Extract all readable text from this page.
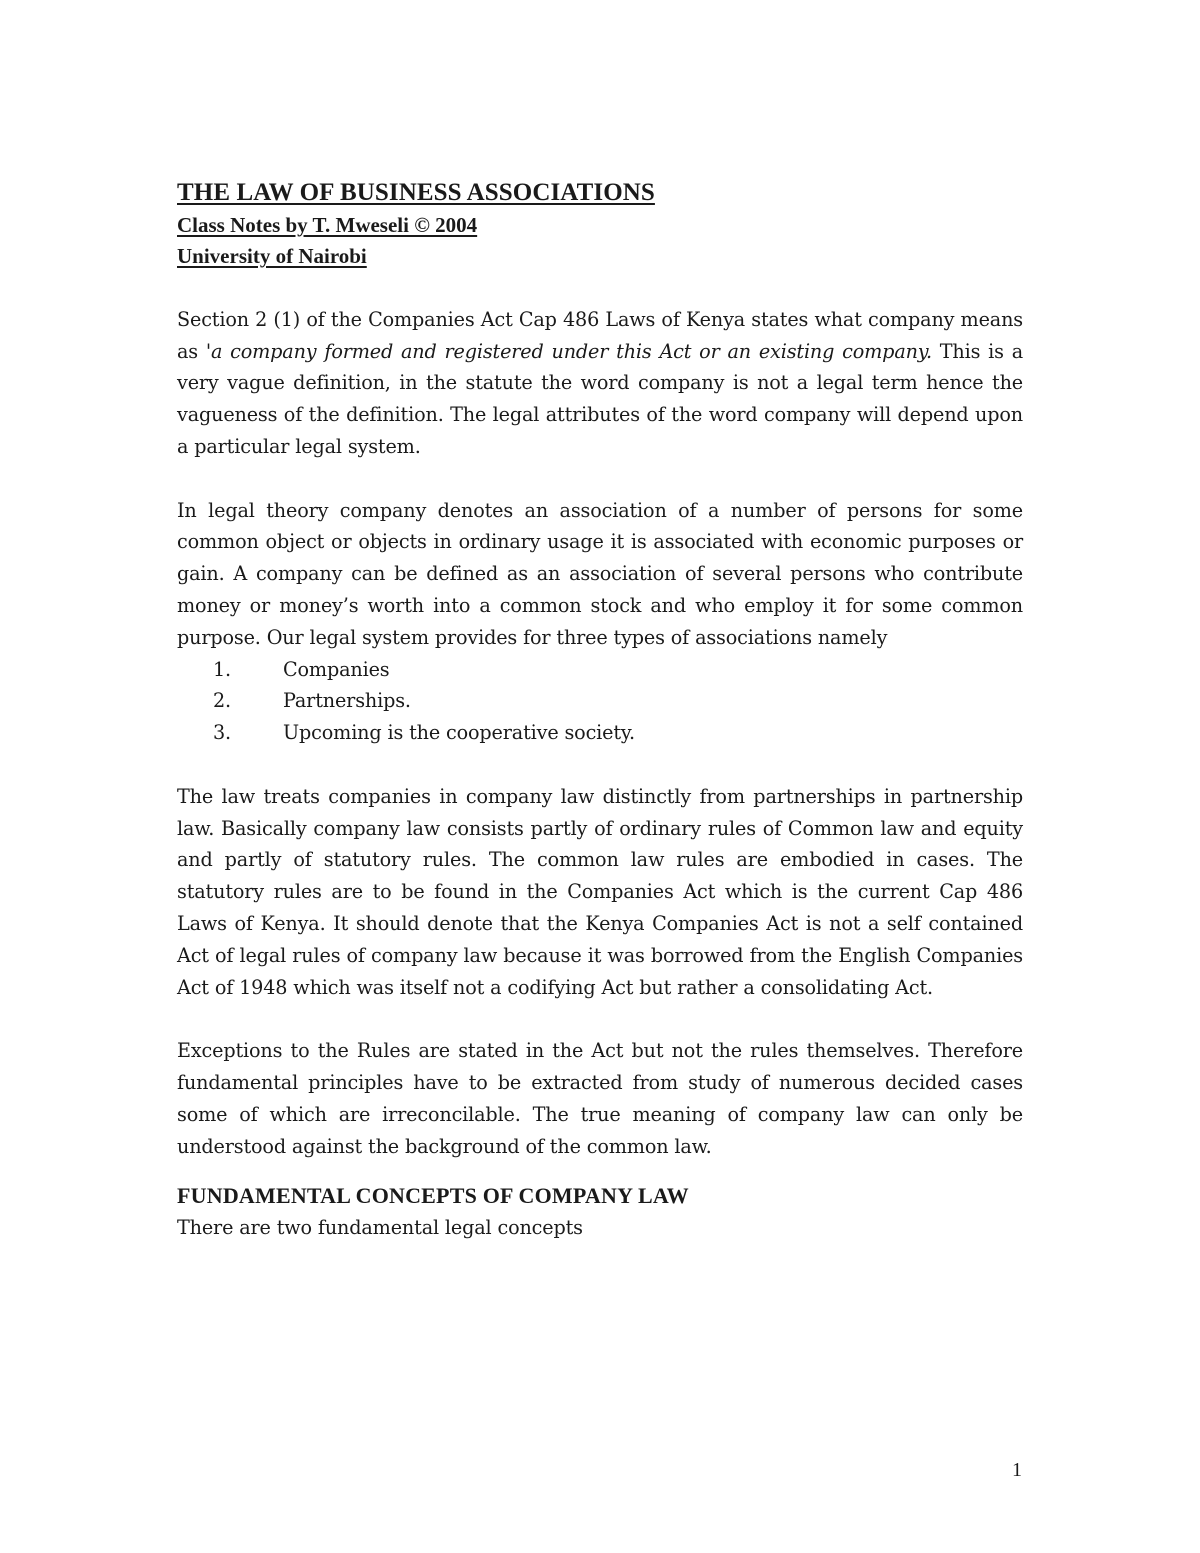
THE LAW OF BUSINESS ASSOCIATIONS

Class Notes by T. Mweseli © 2004

University of Nairobi

Section 2 (1) of the Companies Act Cap 486 Laws of Kenya states what company means as 'a company formed and registered under this Act or an existing company. This is a very vague definition, in the statute the word company is not a legal term hence the vagueness of the definition. The legal attributes of the word company will depend upon a particular legal system.

In legal theory company denotes an association of a number of persons for some common object or objects in ordinary usage it is associated with economic purposes or gain. A company can be defined as an association of several persons who contribute money or money’s worth into a common stock and who employ it for some common purpose. Our legal system provides for three types of associations namely

1.	Companies
2.	Partnerships.
3.	Upcoming is the cooperative society.

The law treats companies in company law distinctly from partnerships in partnership law. Basically company law consists partly of ordinary rules of Common law and equity and partly of statutory rules. The common law rules are embodied in cases. The statutory rules are to be found in the Companies Act which is the current Cap 486 Laws of Kenya. It should denote that the Kenya Companies Act is not a self contained Act of legal rules of company law because it was borrowed from the English Companies Act of 1948 which was itself not a codifying Act but rather a consolidating Act.

Exceptions to the Rules are stated in the Act but not the rules themselves. Therefore fundamental principles have to be extracted from study of numerous decided cases some of which are irreconcilable. The true meaning of company law can only be understood against the background of the common law.

FUNDAMENTAL CONCEPTS OF COMPANY LAW

There are two fundamental legal concepts

1
